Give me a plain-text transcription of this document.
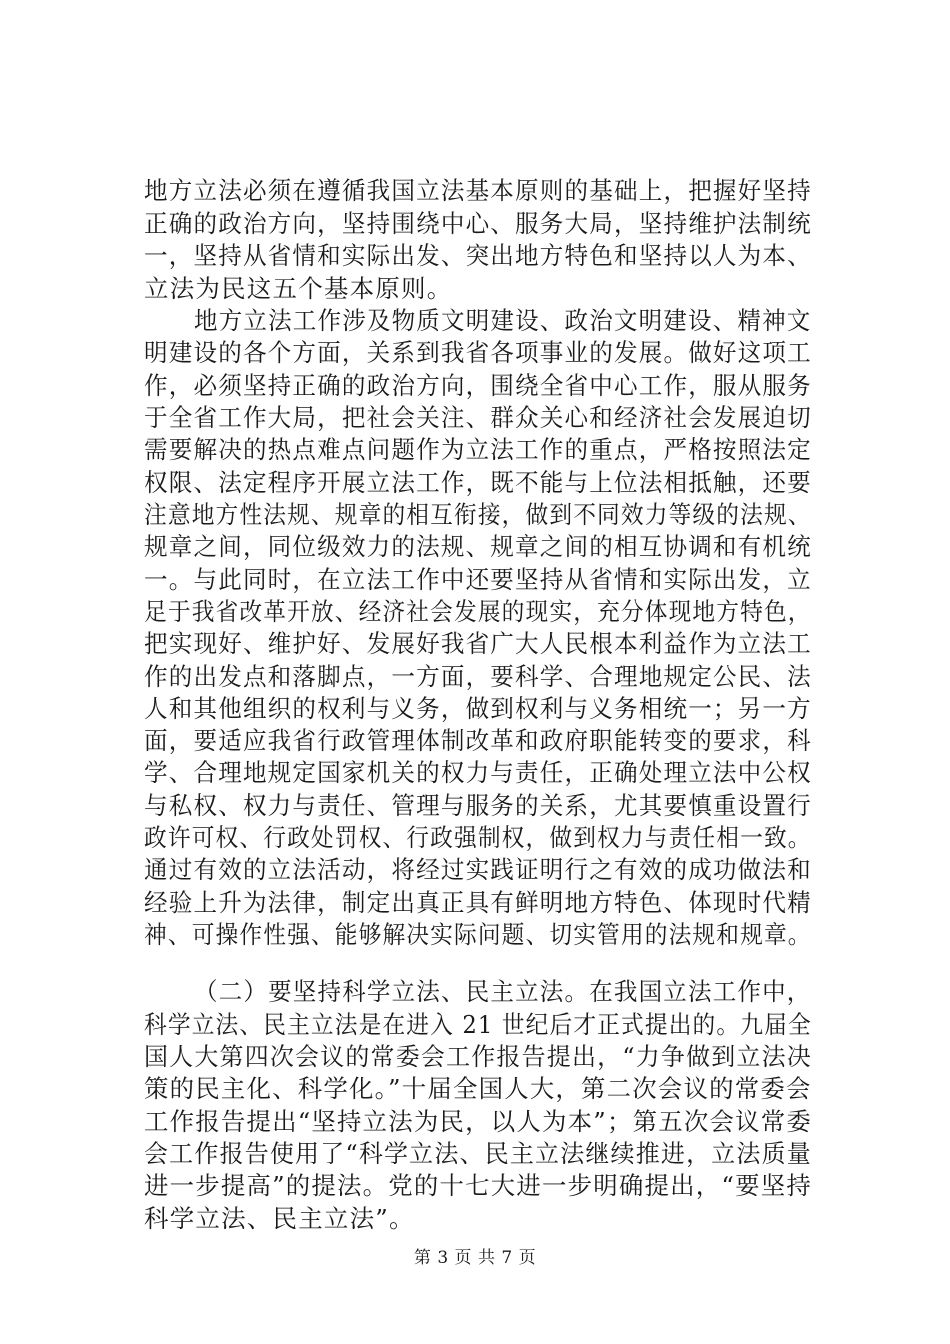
地方立法必须在遵循我国立法基本原则的基础上，把握好坚持
正确的政治方向，坚持围绕中心、服务大局，坚持维护法制统
一，坚持从省情和实际出发、突出地方特色和坚持以人为本、
立法为民这五个基本原则。
地方立法工作涉及物质文明建设、政治文明建设、精神文
明建设的各个方面，关系到我省各项事业的发展。做好这项工
作，必须坚持正确的政治方向，围绕全省中心工作，服从服务
于全省工作大局，把社会关注、群众关心和经济社会发展迫切
需要解决的热点难点问题作为立法工作的重点，严格按照法定
权限、法定程序开展立法工作，既不能与上位法相抵触，还要
注意地方性法规、规章的相互衔接，做到不同效力等级的法规、
规章之间，同位级效力的法规、规章之间的相互协调和有机统
一。与此同时，在立法工作中还要坚持从省情和实际出发，立
足于我省改革开放、经济社会发展的现实，充分体现地方特色，
把实现好、维护好、发展好我省广大人民根本利益作为立法工
作的出发点和落脚点，一方面，要科学、合理地规定公民、法
人和其他组织的权利与义务，做到权利与义务相统一；另一方
面，要适应我省行政管理体制改革和政府职能转变的要求，科
学、合理地规定国家机关的权力与责任，正确处理立法中公权
与私权、权力与责任、管理与服务的关系，尤其要慎重设置行
政许可权、行政处罚权、行政强制权，做到权力与责任相一致。
通过有效的立法活动，将经过实践证明行之有效的成功做法和
经验上升为法律，制定出真正具有鲜明地方特色、体现时代精
神、可操作性强、能够解决实际问题、切实管用的法规和规章。
（二）要坚持科学立法、民主立法。在我国立法工作中，
科学立法、民主立法是在进入 21 世纪后才正式提出的。九届全
国人大第四次会议的常委会工作报告提出，“力争做到立法决
策的民主化、科学化。”十届全国人大，第二次会议的常委会
工作报告提出“坚持立法为民，以人为本”；第五次会议常委
会工作报告使用了“科学立法、民主立法继续推进，立法质量
进一步提高”的提法。党的十七大进一步明确提出，“要坚持
科学立法、民主立法”。
第 3 页 共 7 页
